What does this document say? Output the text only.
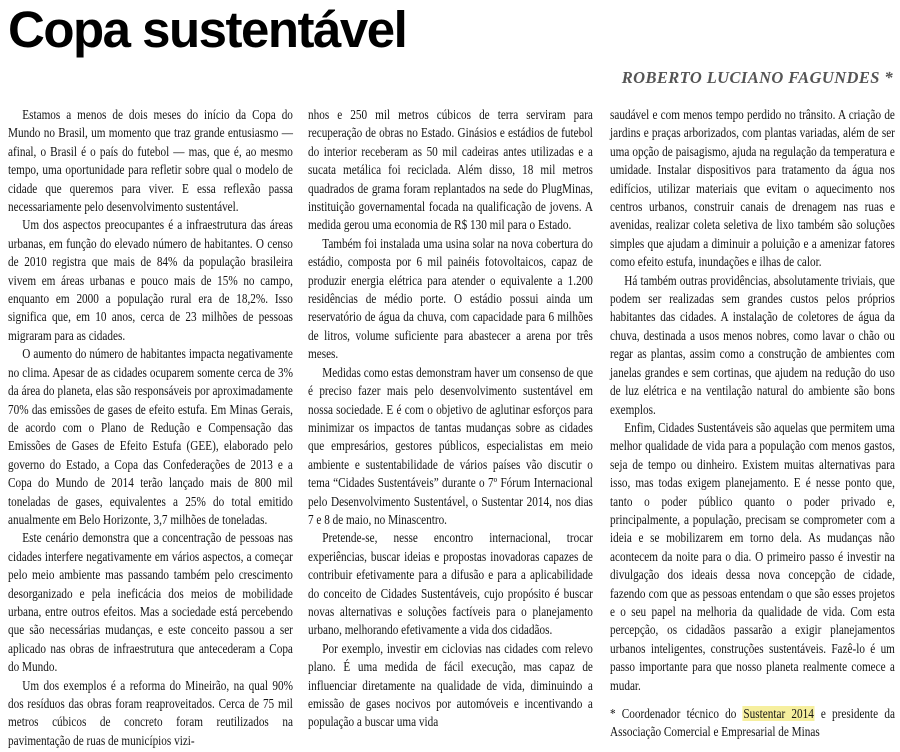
Copa sustentável
ROBERTO LUCIANO FAGUNDES *

Estamos a menos de dois meses do início da Copa do Mundo no Brasil, um momento que traz grande entusiasmo — afinal, o Brasil é o país do futebol — mas, que é, ao mesmo tempo, uma oportunidade para refletir sobre qual o modelo de cidade que queremos para viver. E essa reflexão passa necessariamente pelo desenvolvimento sustentável.

Um dos aspectos preocupantes é a infraestrutura das áreas urbanas, em função do elevado número de habitantes. O censo de 2010 registra que mais de 84% da população brasileira vivem em áreas urbanas e pouco mais de 15% no campo, enquanto em 2000 a população rural era de 18,2%. Isso significa que, em 10 anos, cerca de 23 milhões de pessoas migraram para as cidades.

O aumento do número de habitantes impacta negativamente no clima. Apesar de as cidades ocuparem somente cerca de 3% da área do planeta, elas são responsáveis por aproximadamente 70% das emissões de gases de efeito estufa. Em Minas Gerais, de acordo com o Plano de Redução e Compensação das Emissões de Gases de Efeito Estufa (GEE), elaborado pelo governo do Estado, a Copa das Confederações de 2013 e a Copa do Mundo de 2014 terão lançado mais de 800 mil toneladas de gases, equivalentes a 25% do total emitido anualmente em Belo Horizonte, 3,7 milhões de toneladas.

Este cenário demonstra que a concentração de pessoas nas cidades interfere negativamente em vários aspectos, a começar pelo meio ambiente mas passando também pelo crescimento desorganizado e pela ineficácia dos meios de mobilidade urbana, entre outros efeitos. Mas a sociedade está percebendo que são necessárias mudanças, e este conceito passou a ser aplicado nas obras de infraestrutura que antecederam a Copa do Mundo.

Um dos exemplos é a reforma do Mineirão, na qual 90% dos resíduos das obras foram reaproveitados. Cerca de 75 mil metros cúbicos de concreto foram reutilizados na pavimentação de ruas de municípios vizi-

nhos e 250 mil metros cúbicos de terra serviram para recuperação de obras no Estado. Ginásios e estádios de futebol do interior receberam as 50 mil cadeiras antes utilizadas e a sucata metálica foi reciclada. Além disso, 18 mil metros quadrados de grama foram replantados na sede do PlugMinas, instituição governamental focada na qualificação de jovens. A medida gerou uma economia de R$ 130 mil para o Estado.

Também foi instalada uma usina solar na nova cobertura do estádio, composta por 6 mil painéis fotovoltaicos, capaz de produzir energia elétrica para atender o equivalente a 1.200 residências de médio porte. O estádio possui ainda um reservatório de água da chuva, com capacidade para 6 milhões de litros, volume suficiente para abastecer a arena por três meses.

Medidas como estas demonstram haver um consenso de que é preciso fazer mais pelo desenvolvimento sustentável em nossa sociedade. E é com o objetivo de aglutinar esforços para minimizar os impactos de tantas mudanças sobre as cidades que empresários, gestores públicos, especialistas em meio ambiente e sustentabilidade de vários países vão discutir o tema “Cidades Sustentáveis” durante o 7º Fórum Internacional pelo Desenvolvimento Sustentável, o Sustentar 2014, nos dias 7 e 8 de maio, no Minascentro.

Pretende-se, nesse encontro internacional, trocar experiências, buscar ideias e propostas inovadoras capazes de contribuir efetivamente para a difusão e para a aplicabilidade do conceito de Cidades Sustentáveis, cujo propósito é buscar novas alternativas e soluções factíveis para o planejamento urbano, melhorando efetivamente a vida dos cidadãos.

Por exemplo, investir em ciclovias nas cidades com relevo plano. É uma medida de fácil execução, mas capaz de influenciar diretamente na qualidade de vida, diminuindo a emissão de gases nocivos por automóveis e incentivando a população a buscar uma vida

saudável e com menos tempo perdido no trânsito. A criação de jardins e praças arborizados, com plantas variadas, além de ser uma opção de paisagismo, ajuda na regulação da temperatura e umidade. Instalar dispositivos para tratamento da água nos edifícios, utilizar materiais que evitam o aquecimento nos centros urbanos, construir canais de drenagem nas ruas e avenidas, realizar coleta seletiva de lixo também são soluções simples que ajudam a diminuir a poluição e a amenizar fatores como efeito estufa, inundações e ilhas de calor.

Há também outras providências, absolutamente triviais, que podem ser realizadas sem grandes custos pelos próprios habitantes das cidades. A instalação de coletores de água da chuva, destinada a usos menos nobres, como lavar o chão ou regar as plantas, assim como a construção de ambientes com janelas grandes e sem cortinas, que ajudem na redução do uso de luz elétrica e na ventilação natural do ambiente são bons exemplos.

Enfim, Cidades Sustentáveis são aquelas que permitem uma melhor qualidade de vida para a população com menos gastos, seja de tempo ou dinheiro. Existem muitas alternativas para isso, mas todas exigem planejamento. E é nesse ponto que, tanto o poder público quanto o poder privado e, principalmente, a população, precisam se comprometer com a ideia e se mobilizarem em torno dela. As mudanças não acontecem da noite para o dia. O primeiro passo é investir na divulgação dos ideais dessa nova concepção de cidade, fazendo com que as pessoas entendam o que são esses projetos e o seu papel na melhoria da qualidade de vida. Com esta percepção, os cidadãos passarão a exigir planejamentos urbanos inteligentes, construções sustentáveis. Fazê-lo é um passo importante para que nosso planeta realmente comece a mudar.

* Coordenador técnico do Sustentar 2014 e presidente da Associação Comercial e Empresarial de Minas
